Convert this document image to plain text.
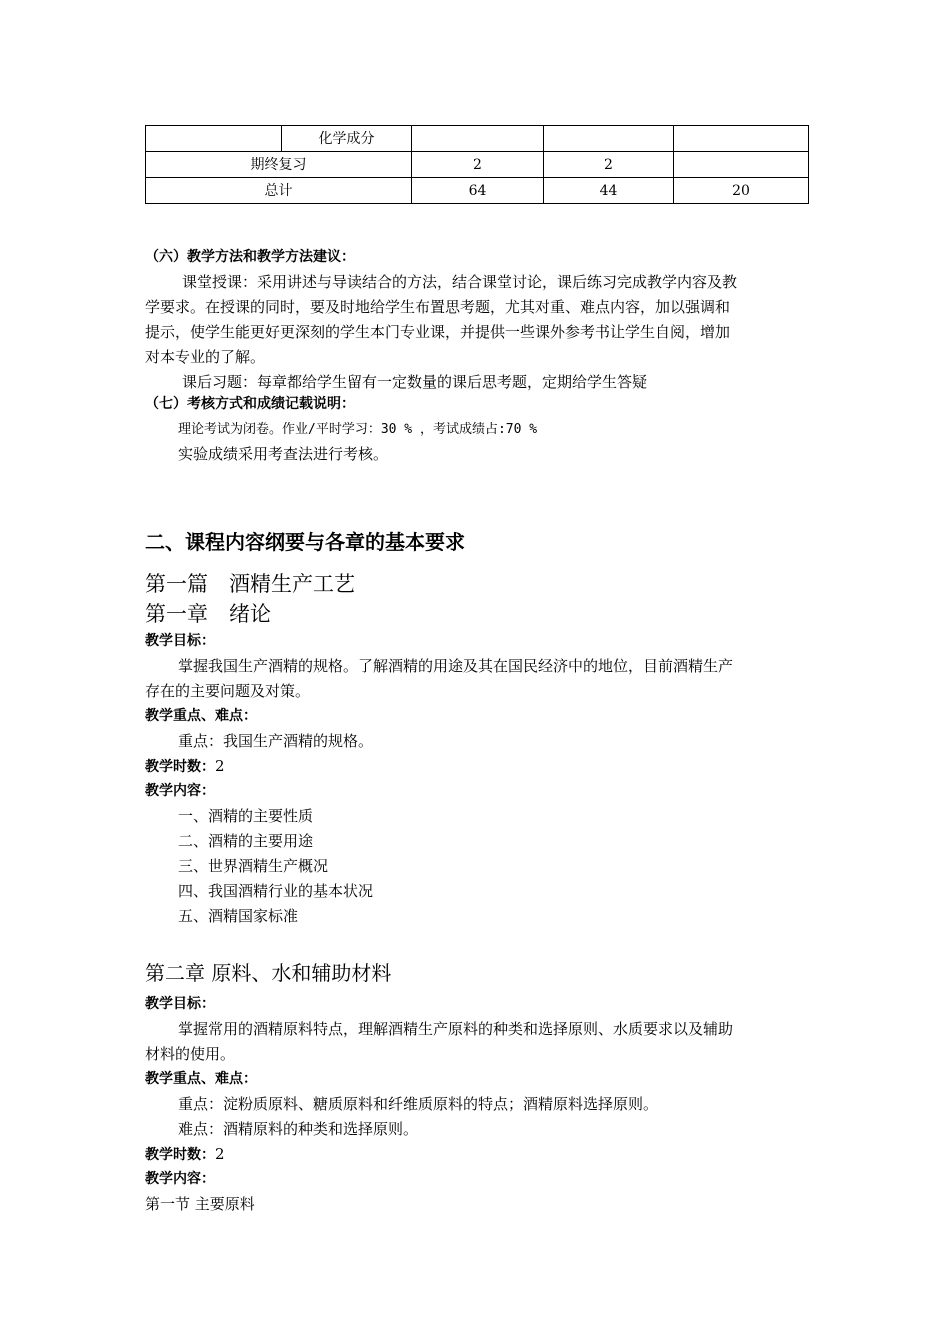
	化学成分			
期终复习		2	2	
总计		64	44	20
（六）教学方法和教学方法建议：
课堂授课：采用讲述与导读结合的方法，结合课堂讨论，课后练习完成教学内容及教
学要求。在授课的同时，要及时地给学生布置思考题，尤其对重、难点内容，加以强调和
提示，使学生能更好更深刻的学生本门专业课，并提供一些课外参考书让学生自阅，增加
对本专业的了解。
课后习题：每章都给学生留有一定数量的课后思考题，定期给学生答疑
（七）考核方式和成绩记载说明：
理论考试为闭卷。作业/平时学习：30 % ，考试成绩占:70 %
实验成绩采用考查法进行考核。
二、课程内容纲要与各章的基本要求
第一篇　酒精生产工艺
第一章　绪论
教学目标：
掌握我国生产酒精的规格。了解酒精的用途及其在国民经济中的地位，目前酒精生产
存在的主要问题及对策。
教学重点、难点：
重点：我国生产酒精的规格。
教学时数：2
教学内容：
一、酒精的主要性质
二、酒精的主要用途
三、世界酒精生产概况
四、我国酒精行业的基本状况
五、酒精国家标准
第二章 原料、水和辅助材料
教学目标：
掌握常用的酒精原料特点，理解酒精生产原料的种类和选择原则、水质要求以及辅助
材料的使用。
教学重点、难点：
重点：淀粉质原料、糖质原料和纤维质原料的特点；酒精原料选择原则。
难点：酒精原料的种类和选择原则。
教学时数：2
教学内容：
第一节 主要原料
